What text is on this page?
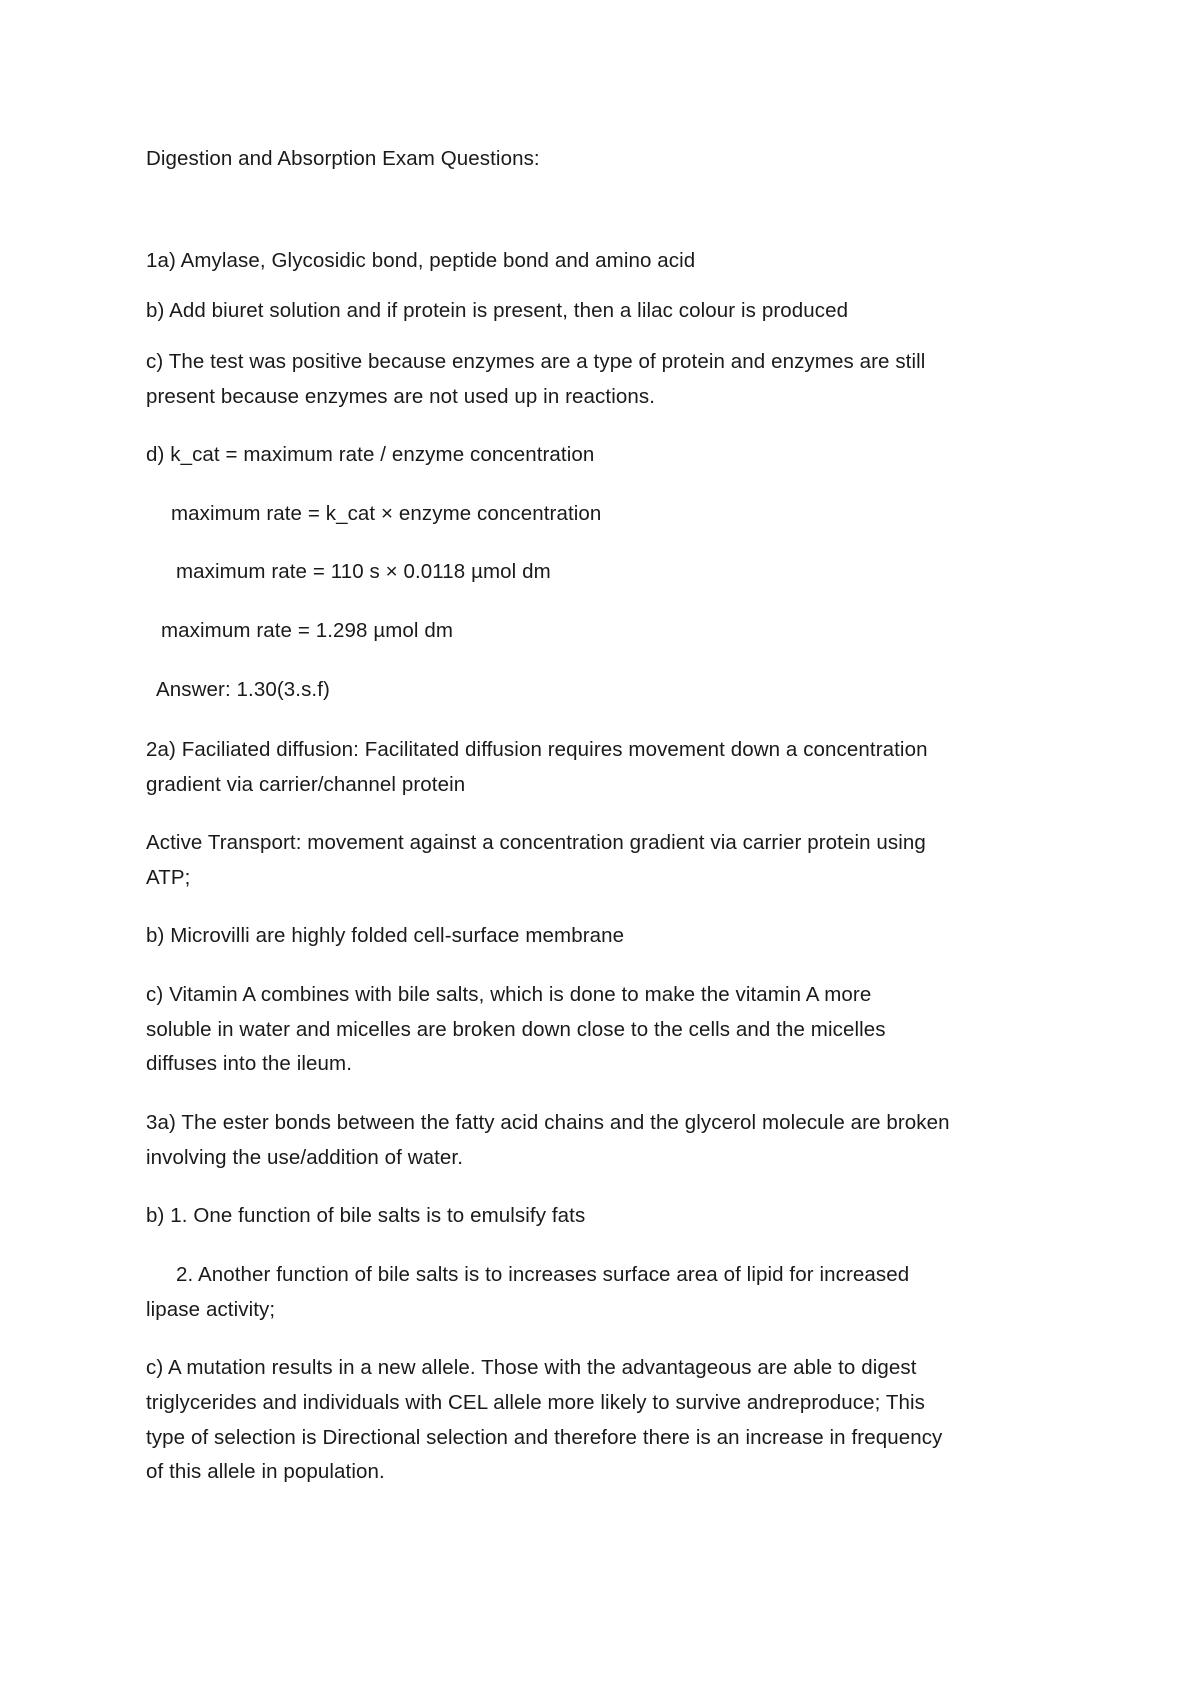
Digestion and Absorption Exam Questions:
1a) Amylase, Glycosidic bond, peptide bond and amino acid
b) Add biuret solution and if protein is present, then a lilac colour is produced
c) The test was positive because enzymes are a type of protein and enzymes are still
present because enzymes are not used up in reactions.
d) k_cat = maximum rate / enzyme concentration
maximum rate = k_cat × enzyme concentration
maximum rate = 110 s × 0.0118 µmol dm
maximum rate = 1.298 µmol dm
Answer: 1.30(3.s.f)
2a) Faciliated diffusion: Facilitated diffusion requires movement down a concentration
gradient via carrier/channel protein
Active Transport: movement against a concentration gradient via carrier protein using
ATP;
b) Microvilli are highly folded cell-surface membrane
c) Vitamin A combines with bile salts, which is done to make the vitamin A more
soluble in water and micelles are broken down close to the cells and the micelles
diffuses into the ileum.
3a) The ester bonds between the fatty acid chains and the glycerol molecule are broken
involving the use/addition of water.
b) 1. One function of bile salts is to emulsify fats
2. Another function of bile salts is to increases surface area of lipid for increased
lipase activity;
c) A mutation results in a new allele. Those with the advantageous are able to digest
triglycerides and individuals with CEL allele more likely to survive andreproduce; This
type of selection is Directional selection and therefore there is an increase in frequency
of this allele in population.
